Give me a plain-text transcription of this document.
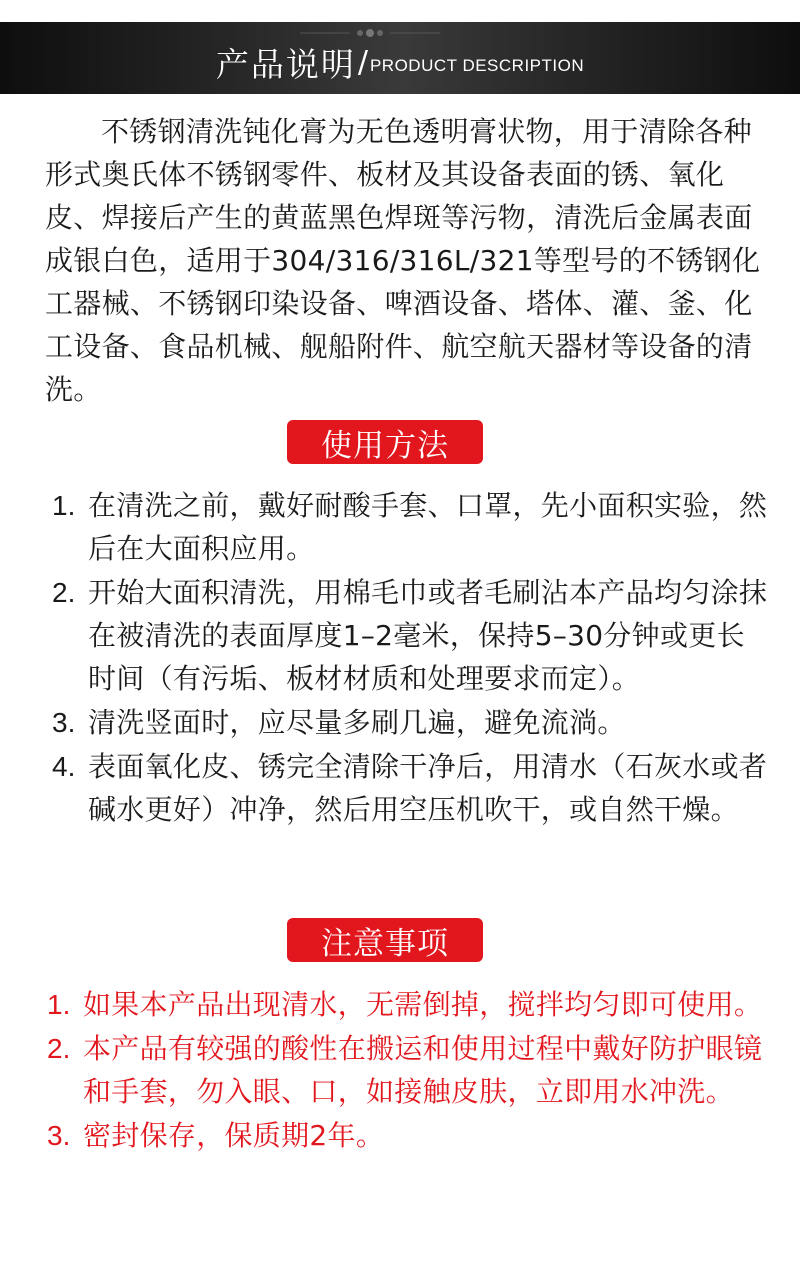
产品说明 / PRODUCT DESCRIPTION

不锈钢清洗钝化膏为无色透明膏状物，用于清除各种形式奥氏体不锈钢零件、板材及其设备表面的锈、氧化皮、焊接后产生的黄蓝黑色焊斑等污物，清洗后金属表面成银白色，适用于304/316/316L/321等型号的不锈钢化工器械、不锈钢印染设备、啤酒设备、塔体、灌、釜、化工设备、食品机械、舰船附件、航空航天器材等设备的清洗。

使用方法
1. 在清洗之前，戴好耐酸手套、口罩，先小面积实验，然后在大面积应用。
2. 开始大面积清洗，用棉毛巾或者毛刷沾本产品均匀涂抹在被清洗的表面厚度1–2毫米，保持5–30分钟或更长时间（有污垢、板材材质和处理要求而定）。
3. 清洗竖面时，应尽量多刷几遍，避免流淌。
4. 表面氧化皮、锈完全清除干净后，用清水（石灰水或者碱水更好）冲净，然后用空压机吹干，或自然干燥。
注意事项
1. 如果本产品出现清水，无需倒掉，搅拌均匀即可使用。
2. 本产品有较强的酸性在搬运和使用过程中戴好防护眼镜和手套，勿入眼、口，如接触皮肤，立即用水冲洗。
3. 密封保存，保质期2年。
